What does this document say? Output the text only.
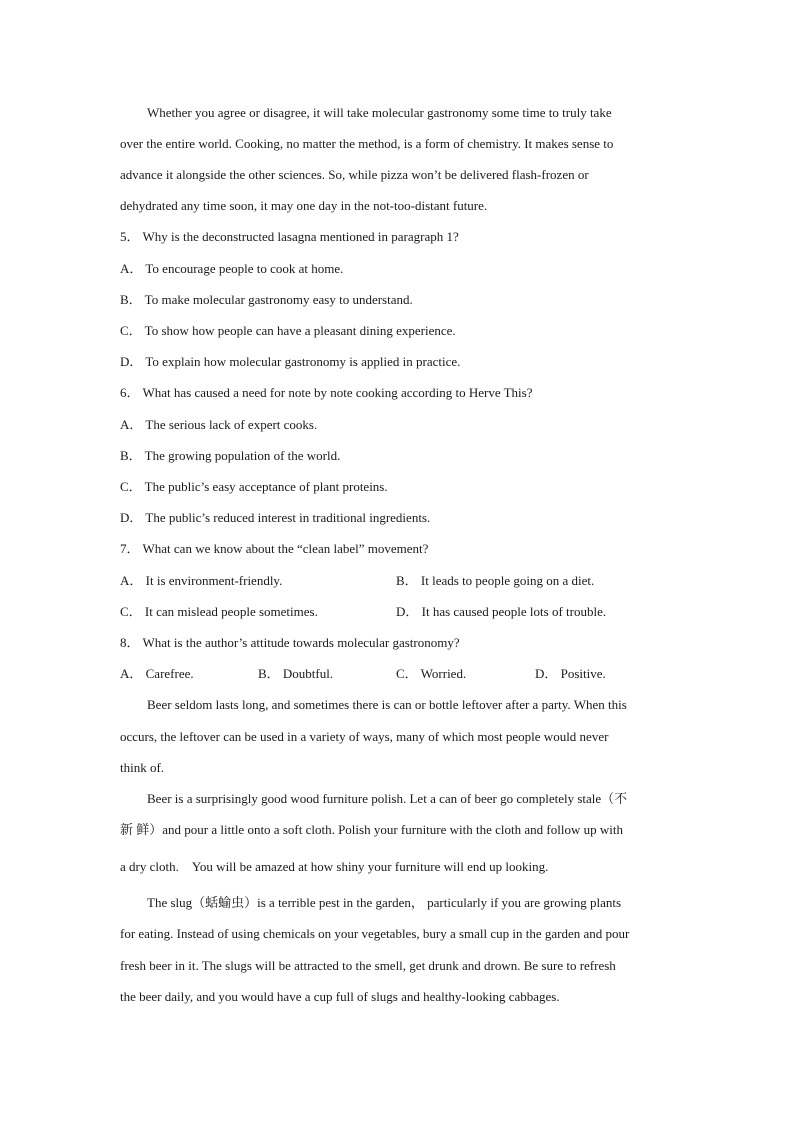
Whether you agree or disagree, it will take molecular gastronomy some time to truly take
over the entire world. Cooking, no matter the method, is a form of chemistry. It makes sense to
advance it alongside the other sciences. So, while pizza won’t be delivered flash-frozen or
dehydrated any time soon, it may one day in the not-too-distant future.
5． Why is the deconstructed lasagna mentioned in paragraph 1?
A． To encourage people to cook at home.
B． To make molecular gastronomy easy to understand.
C． To show how people can have a pleasant dining experience.
D． To explain how molecular gastronomy is applied in practice.
6． What has caused a need for note by note cooking according to Herve This?
A． The serious lack of expert cooks.
B． The growing population of the world.
C． The public’s easy acceptance of plant proteins.
D． The public’s reduced interest in traditional ingredients.
7． What can we know about the “clean label” movement?
A． It is environment-friendly.	B． It leads to people going on a diet.
C． It can mislead people sometimes.	D． It has caused people lots of trouble.
8． What is the author’s attitude towards molecular gastronomy?
A． Carefree.	B． Doubtful.	C． Worried.	D． Positive.
Beer seldom lasts long, and sometimes there is can or bottle leftover after a party. When this
occurs, the leftover can be used in a variety of ways, many of which most people would never
think of.
Beer is a surprisingly good wood furniture polish. Let a can of beer go completely stale（不
新 鲜）and pour a little onto a soft cloth. Polish your furniture with the cloth and follow up with
a dry cloth.    You will be amazed at how shiny your furniture will end up looking.
The slug（蛞蝓虫）is a terrible pest in the garden， particularly if you are growing plants
for eating. Instead of using chemicals on your vegetables, bury a small cup in the garden and pour
fresh beer in it. The slugs will be attracted to the smell, get drunk and drown. Be sure to refresh
the beer daily, and you would have a cup full of slugs and healthy-looking cabbages.
